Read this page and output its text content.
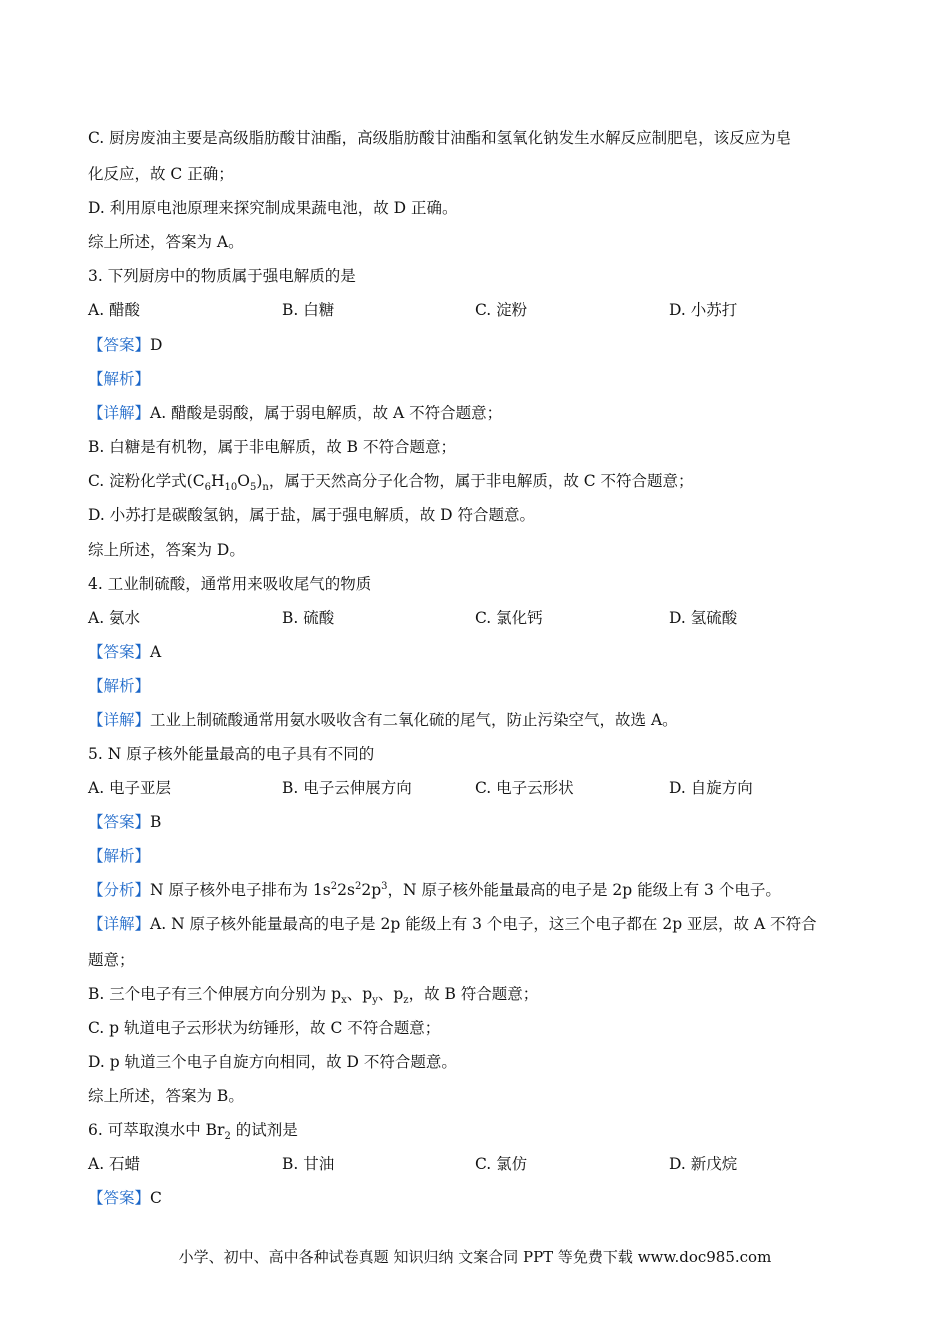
C. 厨房废油主要是高级脂肪酸甘油酯，高级脂肪酸甘油酯和氢氧化钠发生水解反应制肥皂，该反应为皂
化反应，故 C 正确；
D. 利用原电池原理来探究制成果蔬电池，故 D 正确。
综上所述，答案为 A。
3. 下列厨房中的物质属于强电解质的是
A. 醋酸	B. 白糖	C. 淀粉	D. 小苏打
【答案】D
【解析】
【详解】A. 醋酸是弱酸，属于弱电解质，故 A 不符合题意；
B. 白糖是有机物，属于非电解质，故 B 不符合题意；
C. 淀粉化学式$(C_6H_{10}O_5)_n$，属于天然高分子化合物，属于非电解质，故 C 不符合题意；
D. 小苏打是碳酸氢钠，属于盐，属于强电解质，故 D 符合题意。
综上所述，答案为 D。
4. 工业制硫酸，通常用来吸收尾气的物质
A. 氨水	B. 硫酸	C. 氯化钙	D. 氢硫酸
【答案】A
【解析】
【详解】工业上制硫酸通常用氨水吸收含有二氧化硫的尾气，防止污染空气，故选 A。
5. N 原子核外能量最高的电子具有不同的
A. 电子亚层	B. 电子云伸展方向	C. 电子云形状	D. 自旋方向
【答案】B
【解析】
【分析】N 原子核外电子排布为 $1s^22s^22p^3$，N 原子核外能量最高的电子是 2p 能级上有 3 个电子。
【详解】A. N 原子核外能量最高的电子是 2p 能级上有 3 个电子，这三个电子都在 2p 亚层，故 A 不符合
题意；
B. 三个电子有三个伸展方向分别为 $p_x$、$p_y$、$p_z$，故 B 符合题意；
C. p 轨道电子云形状为纺锤形，故 C 不符合题意；
D. p 轨道三个电子自旋方向相同，故 D 不符合题意。
综上所述，答案为 B。
6. 可萃取溴水中 $Br_2$ 的试剂是
A. 石蜡	B. 甘油	C. 氯仿	D. 新戊烷
【答案】C
小学、初中、高中各种试卷真题 知识归纳 文案合同 PPT 等免费下载 www.doc985.com
